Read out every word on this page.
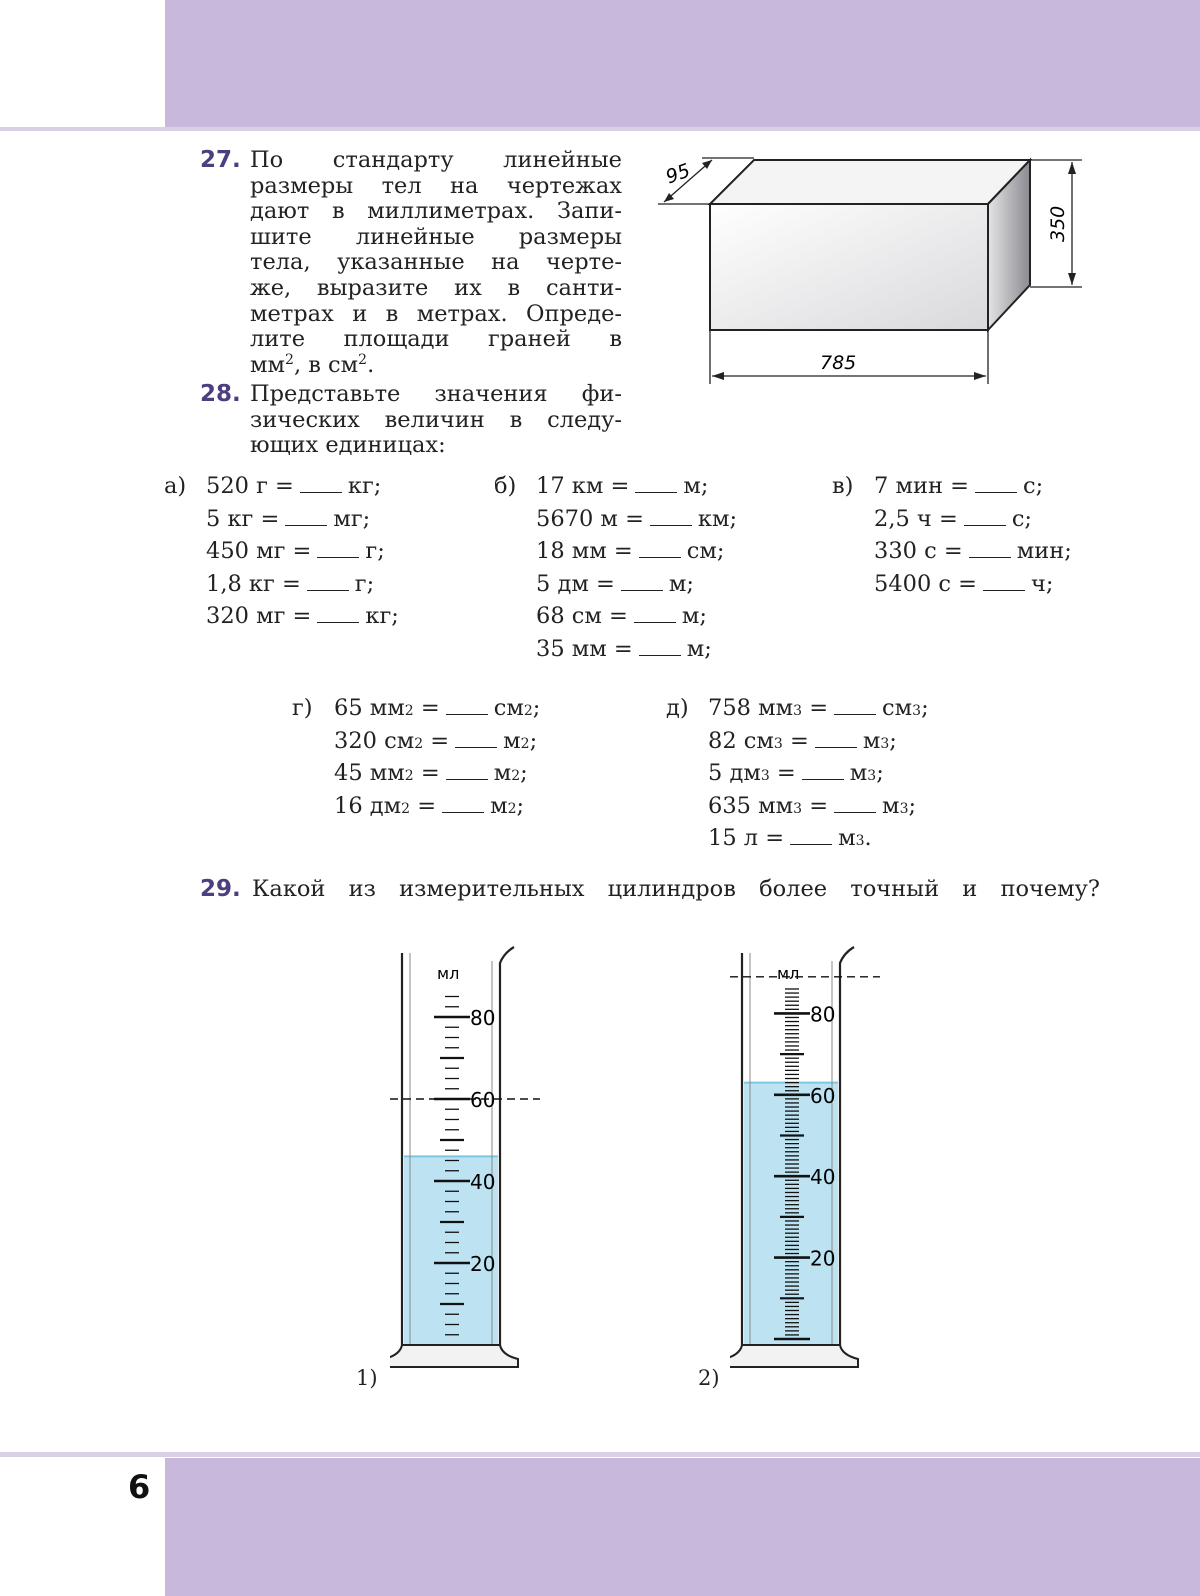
6
27. По стандарту линейные
размеры тел на чертежах
дают в миллиметрах. Запи-
шите линейные размеры
тела, указанные на черте-
же, выразите их в санти-
метрах и в метрах. Опреде-
лите площади граней в
$мм^2$, в $см^2$.
95
350
785
28. Представьте значения фи-
зических величин в следу-
ющих единицах:
а) 520 г = кг;
5 кг = мг;
450 мг = г;
1,8 кг = г;
320 мг = кг;
б) 17 км = м;
5670 м = км;
18 мм = см;
5 дм = м;
68 см = м;
35 мм = м;
в) 7 мин = с;
2,5 ч = с;
330 с = мин;
5400 с = ч;
г) 65 мм 2
= см 2 ;
320 см 2
= м 2 ;
45 мм 2
= м 2 ;
16 дм 2
= м 2 ;
д) 758 мм 3
= см 3 ;
82 см 3
= м 3 ;
5 дм 3
= м 3 ;
635 мм 3
= м 3 ;
15 л
= м 3 .
29. Какой из измерительных цилиндров более точный и почему?
мл
80
60
40
20
мл
80
60
40
20
1)	2)
